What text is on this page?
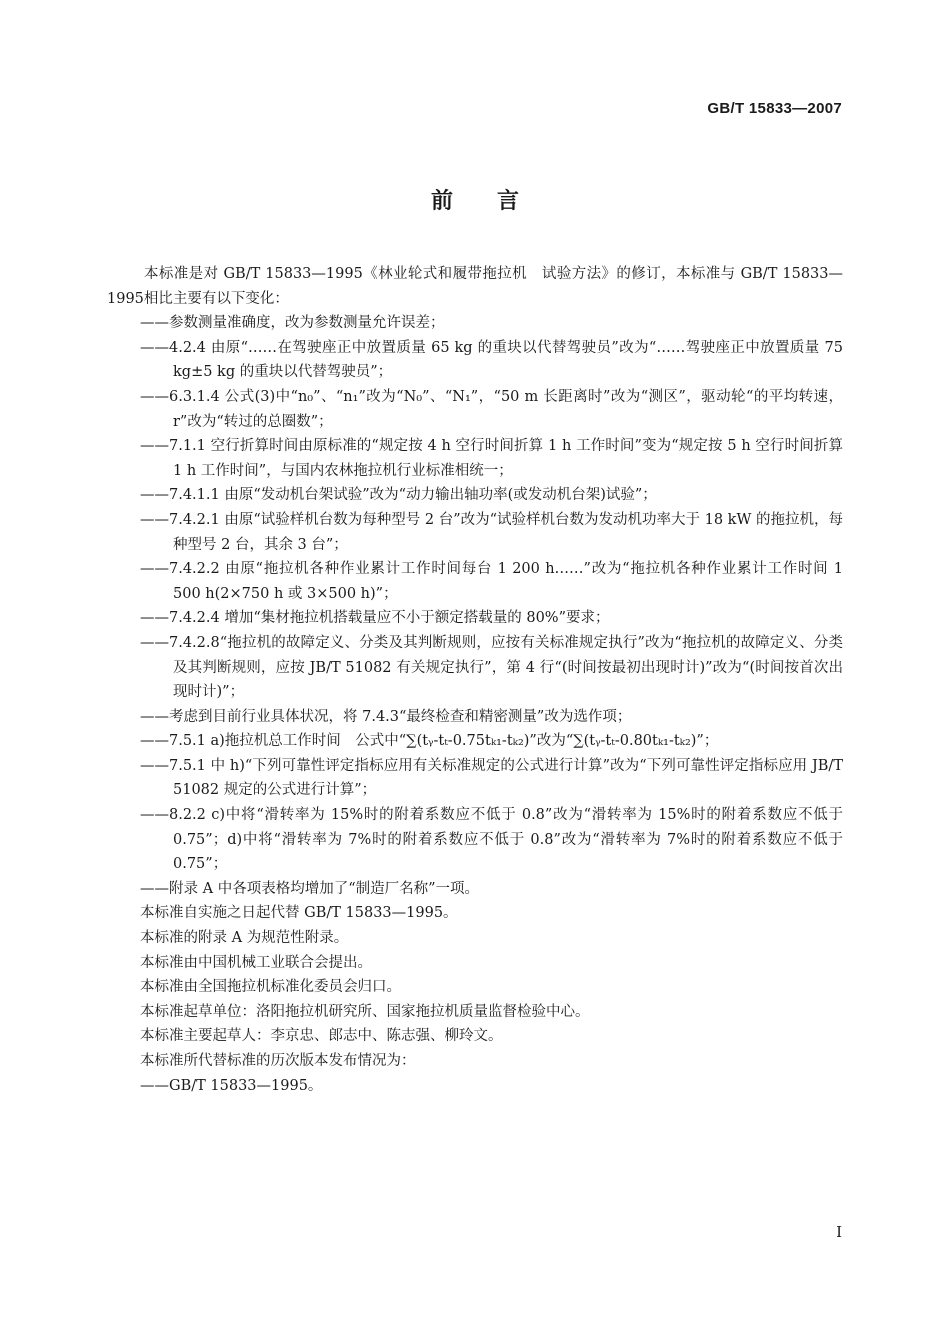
GB/T 15833—2007
前言
本标准是对 GB/T 15833—1995《林业轮式和履带拖拉机　试验方法》的修订，本标准与 GB/T 15833—1995相比主要有以下变化：
——参数测量准确度，改为参数测量允许误差；
——4.2.4 由原“……在驾驶座正中放置质量 65 kg 的重块以代替驾驶员”改为“……驾驶座正中放置质量 75 kg±5 kg 的重块以代替驾驶员”；
——6.3.1.4 公式(3)中“n₀”、“n₁”改为“N₀”、“N₁”，“50 m 长距离时”改为“测区”，驱动轮“的平均转速，r”改为“转过的总圈数”；
——7.1.1 空行折算时间由原标准的“规定按 4 h 空行时间折算 1 h 工作时间”变为“规定按 5 h 空行时间折算 1 h 工作时间”，与国内农林拖拉机行业标准相统一；
——7.4.1.1 由原“发动机台架试验”改为“动力输出轴功率(或发动机台架)试验”；
——7.4.2.1 由原“试验样机台数为每种型号 2 台”改为“试验样机台数为发动机功率大于 18 kW 的拖拉机，每种型号 2 台，其余 3 台”；
——7.4.2.2 由原“拖拉机各种作业累计工作时间每台 1 200 h……”改为“拖拉机各种作业累计工作时间 1 500 h(2×750 h 或 3×500 h)”；
——7.4.2.4 增加“集材拖拉机搭载量应不小于额定搭载量的 80%”要求；
——7.4.2.8“拖拉机的故障定义、分类及其判断规则，应按有关标准规定执行”改为“拖拉机的故障定义、分类及其判断规则，应按 JB/T 51082 有关规定执行”，第 4 行“(时间按最初出现时计)”改为“(时间按首次出现时计)”；
——考虑到目前行业具体状况，将 7.4.3“最终检查和精密测量”改为选作项；
——7.5.1 a)拖拉机总工作时间　公式中“∑(tᵧ-tₜ-0.75tₖ₁-tₖ₂)”改为“∑(tᵧ-tₜ-0.80tₖ₁-tₖ₂)”；
——7.5.1 中 h)“下列可靠性评定指标应用有关标准规定的公式进行计算”改为“下列可靠性评定指标应用 JB/T 51082 规定的公式进行计算”；
——8.2.2 c)中将“滑转率为 15%时的附着系数应不低于 0.8”改为“滑转率为 15%时的附着系数应不低于 0.75”；d)中将“滑转率为 7%时的附着系数应不低于 0.8”改为“滑转率为 7%时的附着系数应不低于 0.75”；
——附录 A 中各项表格均增加了“制造厂名称”一项。
本标准自实施之日起代替 GB/T 15833—1995。
本标准的附录 A 为规范性附录。
本标准由中国机械工业联合会提出。
本标准由全国拖拉机标准化委员会归口。
本标准起草单位：洛阳拖拉机研究所、国家拖拉机质量监督检验中心。
本标准主要起草人：李京忠、郎志中、陈志强、柳玲文。
本标准所代替标准的历次版本发布情况为：
——GB/T 15833—1995。
I
